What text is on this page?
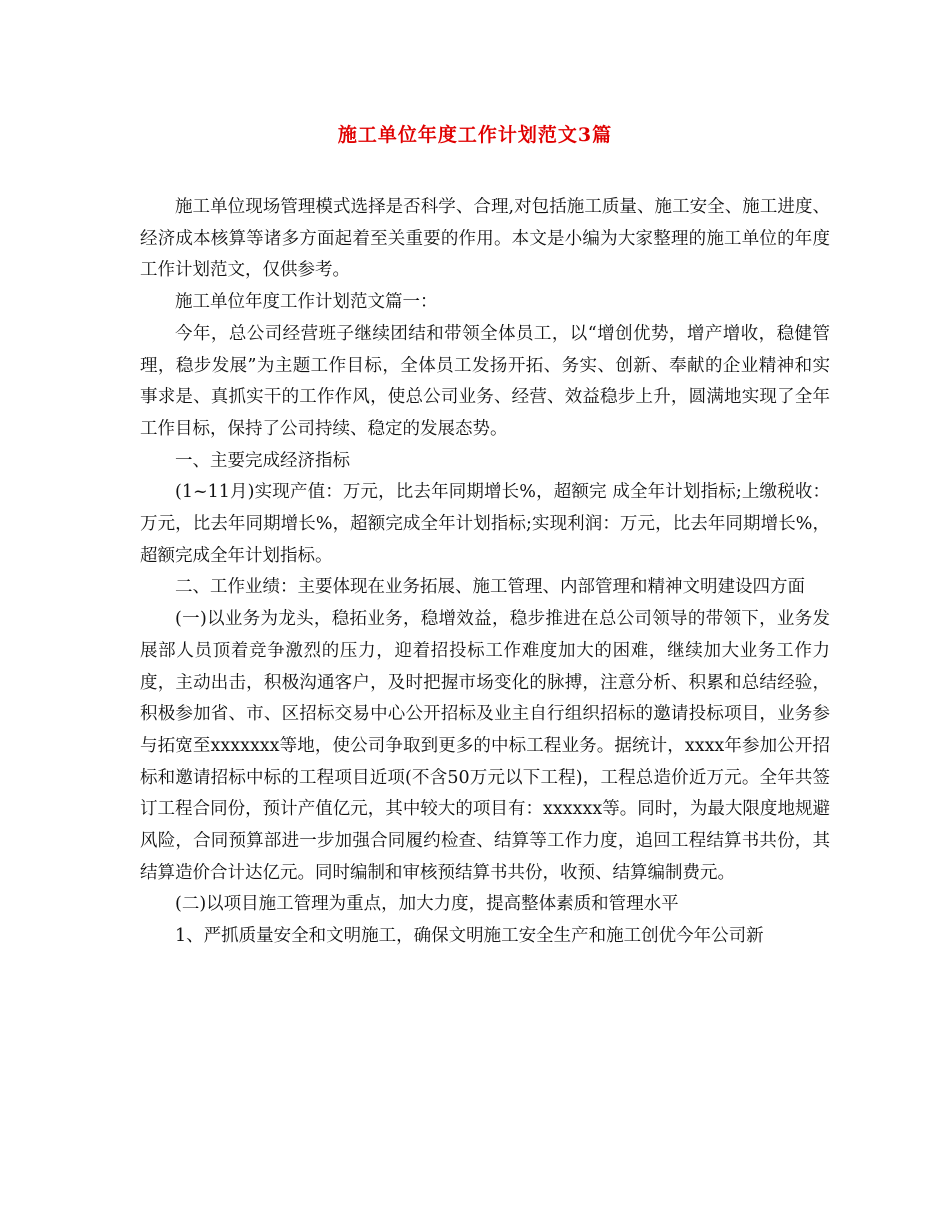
施工单位年度工作计划范文3篇

施工单位现场管理模式选择是否科学、合理,对包括施工质量、施工安全、施工进度、经济成本核算等诸多方面起着至关重要的作用。本文是小编为大家整理的施工单位的年度工作计划范文，仅供参考。

施工单位年度工作计划范文篇一：

今年，总公司经营班子继续团结和带领全体员工，以“增创优势，增产增收，稳健管理，稳步发展”为主题工作目标，全体员工发扬开拓、务实、创新、奉献的企业精神和实事求是、真抓实干的工作作风，使总公司业务、经营、效益稳步上升，圆满地实现了全年工作目标，保持了公司持续、稳定的发展态势。

一、主要完成经济指标

(1~11月)实现产值：万元，比去年同期增长%，超额完 成全年计划指标;上缴税收：万元，比去年同期增长%，超额完成全年计划指标;实现利润：万元，比去年同期增长%，超额完成全年计划指标。

二、工作业绩：主要体现在业务拓展、施工管理、内部管理和精神文明建设四方面

(一)以业务为龙头，稳拓业务，稳增效益，稳步推进在总公司领导的带领下，业务发展部人员顶着竞争激烈的压力，迎着招投标工作难度加大的困难，继续加大业务工作力度，主动出击，积极沟通客户，及时把握市场变化的脉搏，注意分析、积累和总结经验，积极参加省、市、区招标交易中心公开招标及业主自行组织招标的邀请投标项目，业务参与拓宽至xxxxxxx等地，使公司争取到更多的中标工程业务。据统计，xxxx年参加公开招标和邀请招标中标的工程项目近项(不含50万元以下工程)，工程总造价近万元。全年共签订工程合同份，预计产值亿元，其中较大的项目有：xxxxxx等。同时，为最大限度地规避风险，合同预算部进一步加强合同履约检查、结算等工作力度，追回工程结算书共份，其结算造价合计达亿元。同时编制和审核预结算书共份，收预、结算编制费元。

(二)以项目施工管理为重点，加大力度，提高整体素质和管理水平

1、严抓质量安全和文明施工，确保文明施工安全生产和施工创优今年公司新
